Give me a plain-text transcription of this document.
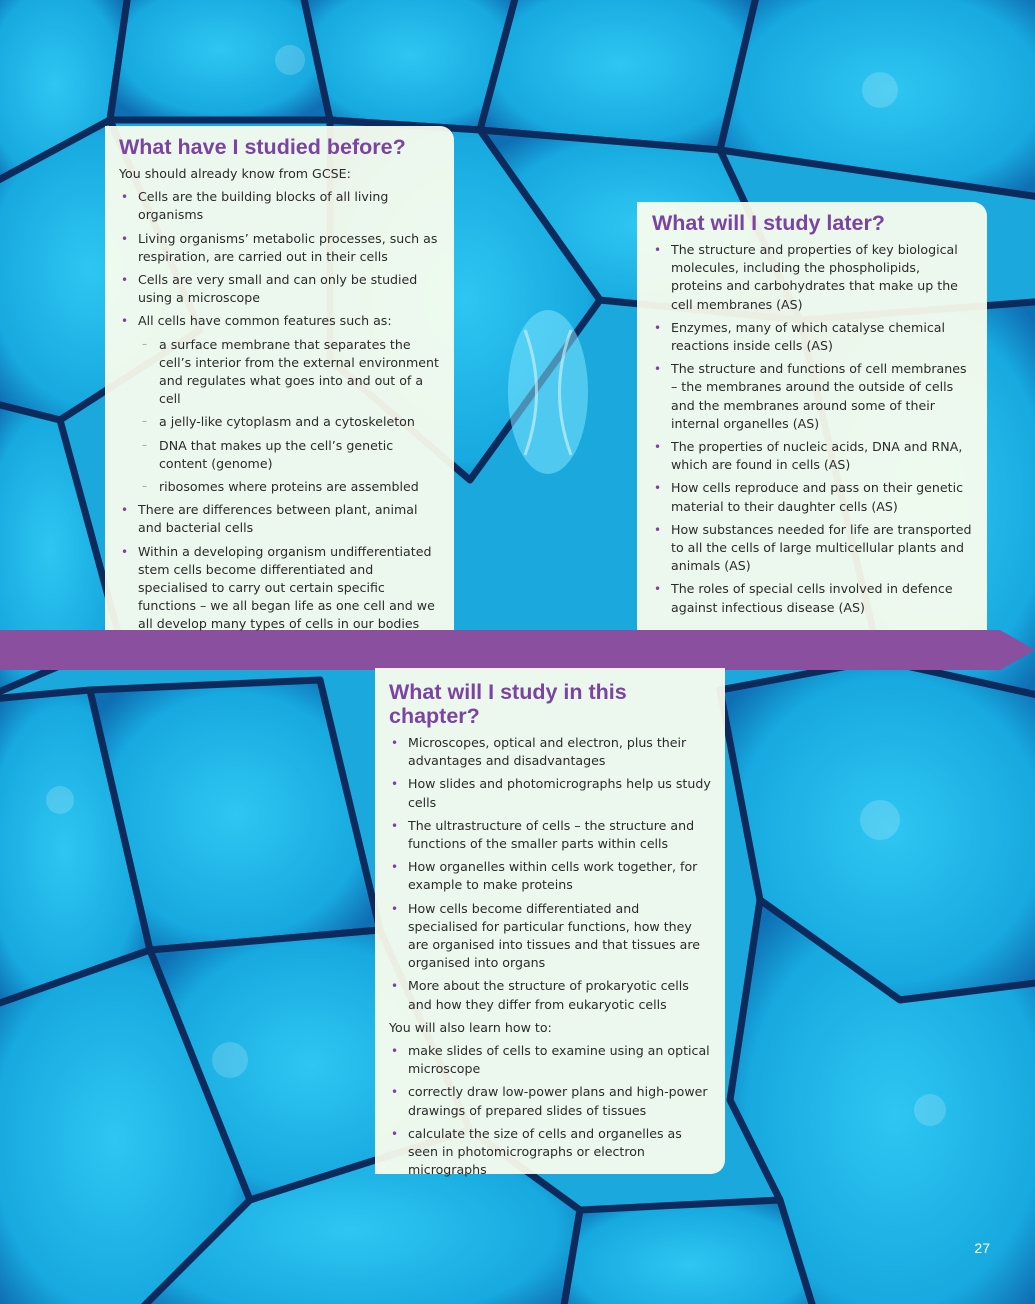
What have I studied before?

You should already know from GCSE:

• Cells are the building blocks of all living organisms
• Living organisms’ metabolic processes, such as respiration, are carried out in their cells
• Cells are very small and can only be studied using a microscope
• All cells have common features such as:
– a surface membrane that separates the cell’s interior from the external environment and regulates what goes into and out of a cell
– a jelly-like cytoplasm and a cytoskeleton
– DNA that makes up the cell’s genetic content (genome)
– ribosomes where proteins are assembled
• There are differences between plant, animal and bacterial cells
• Within a developing organism undifferentiated stem cells become differentiated and specialised to carry out certain specific functions – we all began life as one cell and we all develop many types of cells in our bodies
What will I study later?
• The structure and properties of key biological molecules, including the phospholipids, proteins and carbohydrates that make up the cell membranes (AS)
• Enzymes, many of which catalyse chemical reactions inside cells (AS)
• The structure and functions of cell membranes – the membranes around the outside of cells and the membranes around some of their internal organelles (AS)
• The properties of nucleic acids, DNA and RNA, which are found in cells (AS)
• How cells reproduce and pass on their genetic material to their daughter cells (AS)
• How substances needed for life are transported to all the cells of large multicellular plants and animals (AS)
• The roles of special cells involved in defence against infectious disease (AS)
What will I study in this chapter?
• Microscopes, optical and electron, plus their advantages and disadvantages
• How slides and photomicrographs help us study cells
• The ultrastructure of cells – the structure and functions of the smaller parts within cells
• How organelles within cells work together, for example to make proteins
• How cells become differentiated and specialised for particular functions, how they are organised into tissues and that tissues are organised into organs
• More about the structure of prokaryotic cells and how they differ from eukaryotic cells

You will also learn how to:

• make slides of cells to examine using an optical microscope
• correctly draw low-power plans and high-power drawings of prepared slides of tissues
• calculate the size of cells and organelles as seen in photomicrographs or electron micrographs
27
